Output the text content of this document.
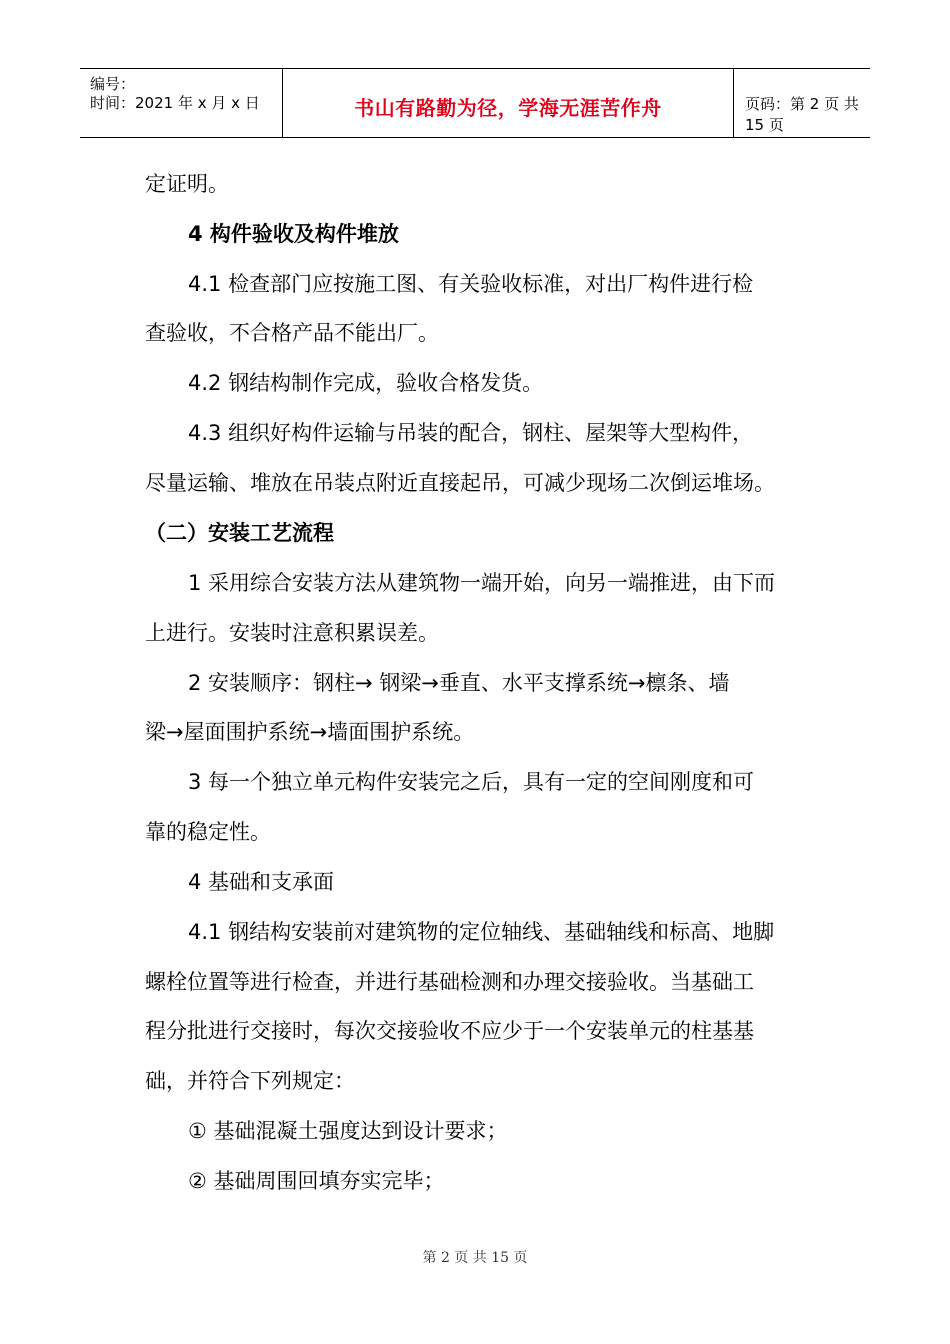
编号：
时间：2021 年 x 月 x 日	书山有路勤为径，学海无涯苦作舟	页码：第 2 页 共 15 页
定证明。
4 构件验收及构件堆放
4.1 检查部门应按施工图、有关验收标准，对出厂构件进行检
查验收，不合格产品不能出厂。
4.2 钢结构制作完成，验收合格发货。
4.3 组织好构件运输与吊装的配合，钢柱、屋架等大型构件，
尽量运输、堆放在吊装点附近直接起吊，可减少现场二次倒运堆场。
（二）安装工艺流程
1 采用综合安装方法从建筑物一端开始，向另一端推进，由下而
上进行。安装时注意积累误差。
2 安装顺序：钢柱→ 钢梁→垂直、水平支撑系统→檩条、墙
梁→屋面围护系统→墙面围护系统。
3 每一个独立单元构件安装完之后，具有一定的空间刚度和可
靠的稳定性。
4 基础和支承面
4.1 钢结构安装前对建筑物的定位轴线、基础轴线和标高、地脚
螺栓位置等进行检查，并进行基础检测和办理交接验收。当基础工
程分批进行交接时，每次交接验收不应少于一个安装单元的柱基基
础，并符合下列规定：
① 基础混凝土强度达到设计要求；
② 基础周围回填夯实完毕；
第 2 页 共 15 页
